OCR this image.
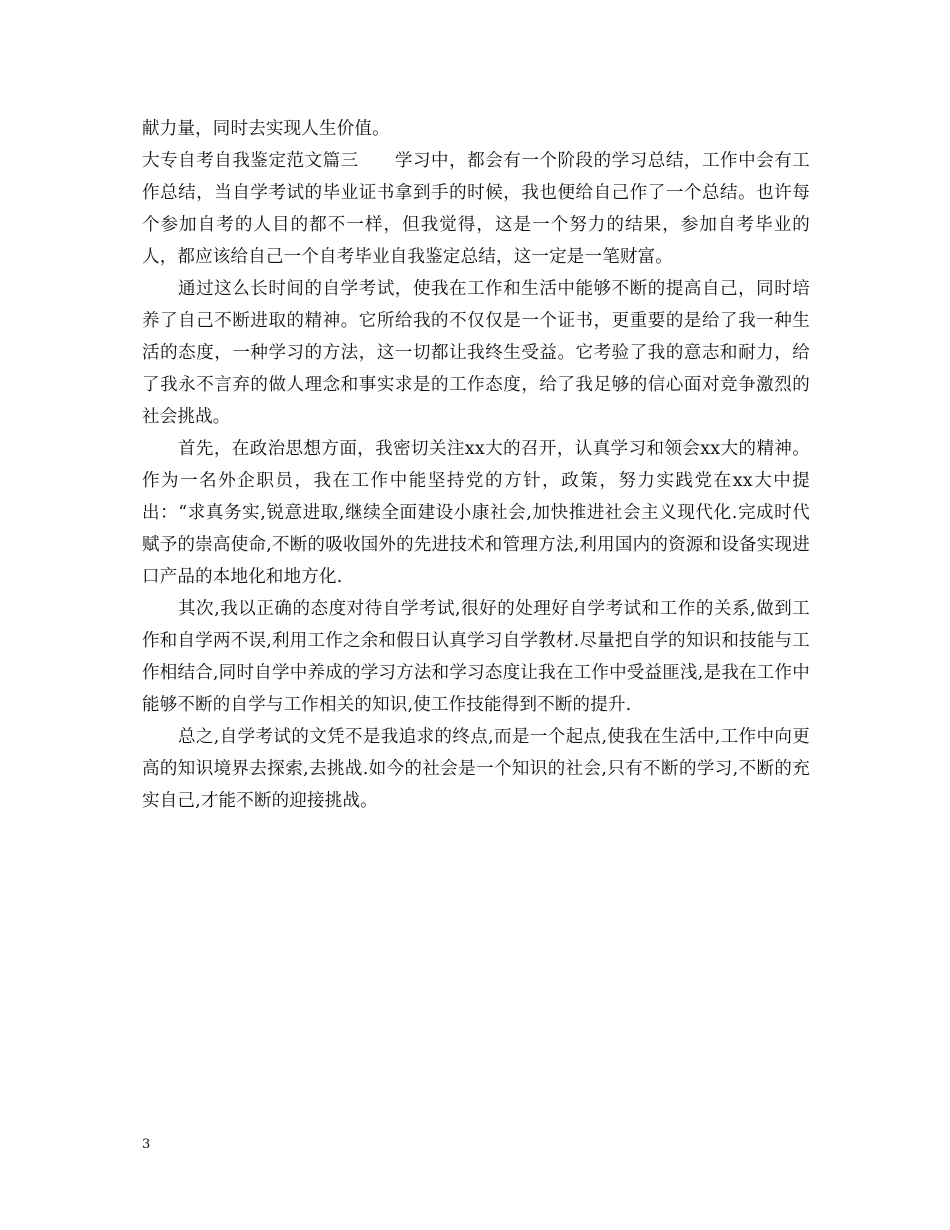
献力量，同时去实现人生价值。

大专自考自我鉴定范文篇三　　学习中，都会有一个阶段的学习总结，工作中会有工作总结，当自学考试的毕业证书拿到手的时候，我也便给自己作了一个总结。也许每个参加自考的人目的都不一样，但我觉得，这是一个努力的结果，参加自考毕业的人，都应该给自己一个自考毕业自我鉴定总结，这一定是一笔财富。

通过这么长时间的自学考试，使我在工作和生活中能够不断的提高自己，同时培养了自己不断进取的精神。它所给我的不仅仅是一个证书，更重要的是给了我一种生活的态度，一种学习的方法，这一切都让我终生受益。它考验了我的意志和耐力，给了我永不言弃的做人理念和事实求是的工作态度，给了我足够的信心面对竞争激烈的社会挑战。

首先，在政治思想方面，我密切关注xx大的召开，认真学习和领会xx大的精神。作为一名外企职员，我在工作中能坚持党的方针，政策，努力实践党在xx大中提出：“求真务实,锐意进取,继续全面建设小康社会,加快推进社会主义现代化.完成时代赋予的崇高使命,不断的吸收国外的先进技术和管理方法,利用国内的资源和设备实现进口产品的本地化和地方化.

其次,我以正确的态度对待自学考试,很好的处理好自学考试和工作的关系,做到工作和自学两不误,利用工作之余和假日认真学习自学教材.尽量把自学的知识和技能与工作相结合,同时自学中养成的学习方法和学习态度让我在工作中受益匪浅,是我在工作中能够不断的自学与工作相关的知识,使工作技能得到不断的提升.

总之,自学考试的文凭不是我追求的终点,而是一个起点,使我在生活中,工作中向更高的知识境界去探索,去挑战.如今的社会是一个知识的社会,只有不断的学习,不断的充实自己,才能不断的迎接挑战。

3
